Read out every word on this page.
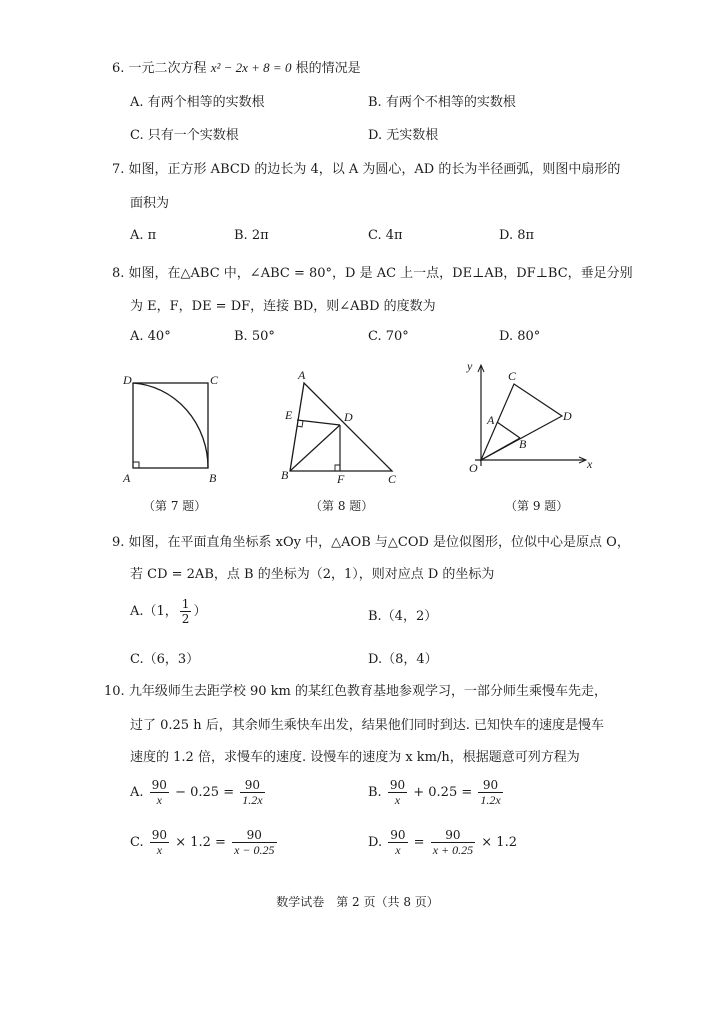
6. 一元二次方程 x² − 2x + 8 = 0 根的情况是
A. 有两个相等的实数根	B. 有两个不相等的实数根
C. 只有一个实数根	D. 无实数根
7. 如图，正方形 ABCD 的边长为 4，以 A 为圆心，AD 的长为半径画弧，则图中扇形的
面积为
A. π	B. 2π	C. 4π	D. 8π
8. 如图，在△ABC 中，∠ABC = 80°，D 是 AC 上一点，DE⊥AB，DF⊥BC，垂足分别
为 E，F，DE = DF，连接 BD，则∠ABD 的度数为
A. 40°	B. 50°	C. 70°	D. 80°
D	C
A	B
（第 7 题）
A
E	D
B	F	C
（第 8 题）
y
C
A	D
B
O	x
（第 9 题）
9. 如图，在平面直角坐标系 xOy 中，△AOB 与△COD 是位似图形，位似中心是原点 O，
若 CD = 2AB，点 B 的坐标为（2，1），则对应点 D 的坐标为
A.（1， $\frac{1}{2}$ ）	B.（4，2）
C.（6，3）	D.（8，4）
10. 九年级师生去距学校 90 km 的某红色教育基地参观学习，一部分师生乘慢车先走，
过了 0.25 h 后，其余师生乘快车出发，结果他们同时到达. 已知快车的速度是慢车
速度的 1.2 倍，求慢车的速度. 设慢车的速度为 x km/h，根据题意可列方程为
A. $\frac{90}{x} - 0.25 = \frac{90}{1.2x}$	B. $\frac{90}{x} + 0.25 = \frac{90}{1.2x}$
C. $\frac{90}{x} \times 1.2 = \frac{90}{x - 0.25}$	D. $\frac{90}{x} = \frac{90}{x + 0.25} \times 1.2$
数学试卷　第 2 页（共 8 页）
